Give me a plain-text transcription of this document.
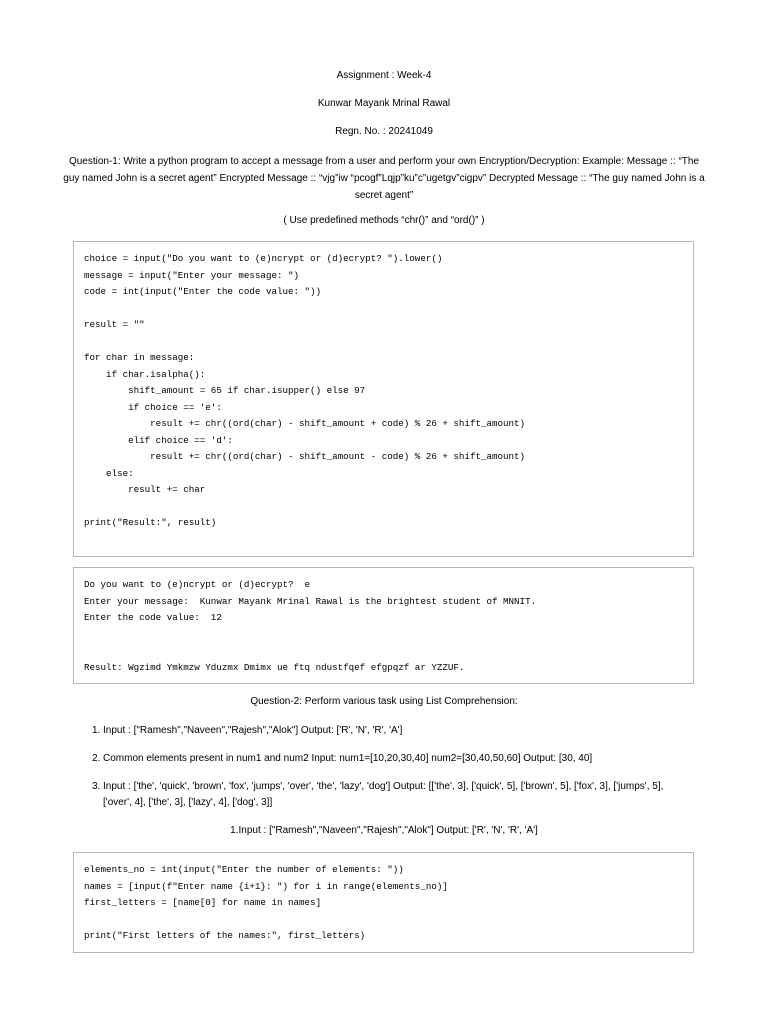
Assignment : Week-4
Kunwar Mayank Mrinal Rawal
Regn. No. : 20241049
Question-1: Write a python program to accept a message from a user and perform your own Encryption/Decryption: Example: Message :: “The guy named John is a secret agent” Encrypted Message :: “vjg”iw “pcogf”Lqjp”ku”c”ugetgv”cigpv” Decrypted Message :: “The guy named John is a secret agent”
( Use predefined methods “chr()” and “ord()” )
choice = input("Do you want to (e)ncrypt or (d)ecrypt? ").lower()
message = input("Enter your message: ")
code = int(input("Enter the code value: "))

result = ""

for char in message:
if char.isalpha():
shift_amount = 65 if char.isupper() else 97
if choice == 'e':
result += chr((ord(char) - shift_amount + code) % 26 + shift_amount)
elif choice == 'd':
result += chr((ord(char) - shift_amount - code) % 26 + shift_amount)
else:
result += char

print("Result:", result)
Do you want to (e)ncrypt or (d)ecrypt?  e
Enter your message:  Kunwar Mayank Mrinal Rawal is the brightest student of MNNIT.
Enter the code value:  12

Result: Wgzimd Ymkmzw Yduzmx Dmimx ue ftq ndustfqef efgpqzf ar YZZUF.
Question-2: Perform various task using List Comprehension:
1. Input : ["Ramesh","Naveen","Rajesh","Alok"] Output: ['R', 'N', 'R', 'A']
2. Common elements present in num1 and num2 Input: num1=[10,20,30,40] num2=[30,40,50,60] Output: [30, 40]
3. Input : ['the', 'quick', 'brown', 'fox', 'jumps', 'over', 'the', 'lazy', 'dog'] Output: [['the', 3], ['quick', 5], ['brown', 5], ['fox', 3], ['jumps', 5], ['over', 4], ['the', 3], ['lazy', 4], ['dog', 3]]
1.Input : ["Ramesh","Naveen","Rajesh","Alok"] Output: ['R', 'N', 'R', 'A']
elements_no = int(input("Enter the number of elements: "))
names = [input(f"Enter name {i+1}: ") for i in range(elements_no)]
first_letters = [name[0] for name in names]

print("First letters of the names:", first_letters)
